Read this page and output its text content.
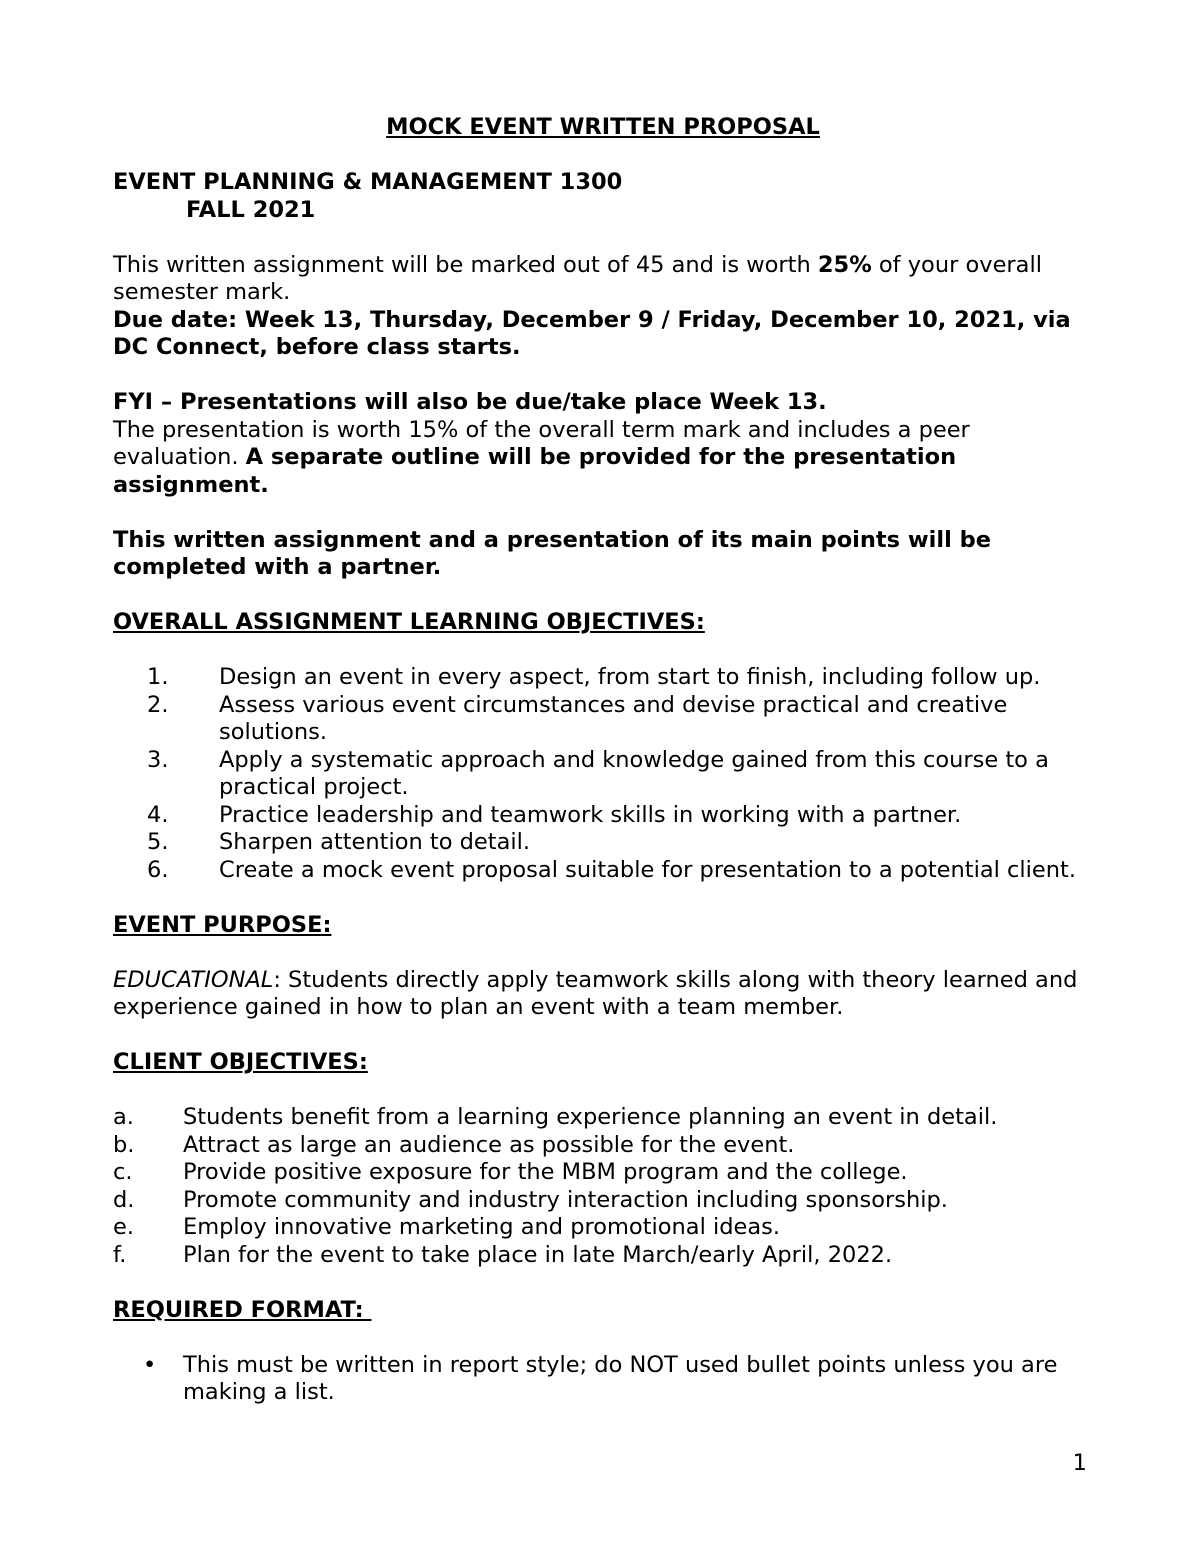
MOCK EVENT WRITTEN PROPOSAL

EVENT PLANNING & MANAGEMENT 1300

FALL 2021

This written assignment will be marked out of 45 and is worth 25% of your overall semester mark.

Due date: Week 13, Thursday, December 9 / Friday, December 10, 2021, via DC Connect, before class starts.

FYI – Presentations will also be due/take place Week 13.

The presentation is worth 15% of the overall term mark and includes a peer evaluation. A separate outline will be provided for the presentation assignment.

This written assignment and a presentation of its main points will be completed with a partner.

OVERALL ASSIGNMENT LEARNING OBJECTIVES:

1. Design an event in every aspect, from start to finish, including follow up.
2. Assess various event circumstances and devise practical and creative solutions.
3. Apply a systematic approach and knowledge gained from this course to a practical project.
4. Practice leadership and teamwork skills in working with a partner.
5. Sharpen attention to detail.
6. Create a mock event proposal suitable for presentation to a potential client.

EVENT PURPOSE:

EDUCATIONAL: Students directly apply teamwork skills along with theory learned and experience gained in how to plan an event with a team member.

CLIENT OBJECTIVES:

a. Students benefit from a learning experience planning an event in detail.
b. Attract as large an audience as possible for the event.
c. Provide positive exposure for the MBM program and the college.
d. Promote community and industry interaction including sponsorship.
e. Employ innovative marketing and promotional ideas.
f.	Plan for the event to take place in late March/early April, 2022.

REQUIRED FORMAT:

• This must be written in report style; do NOT used bullet points unless you are making a list.
1
